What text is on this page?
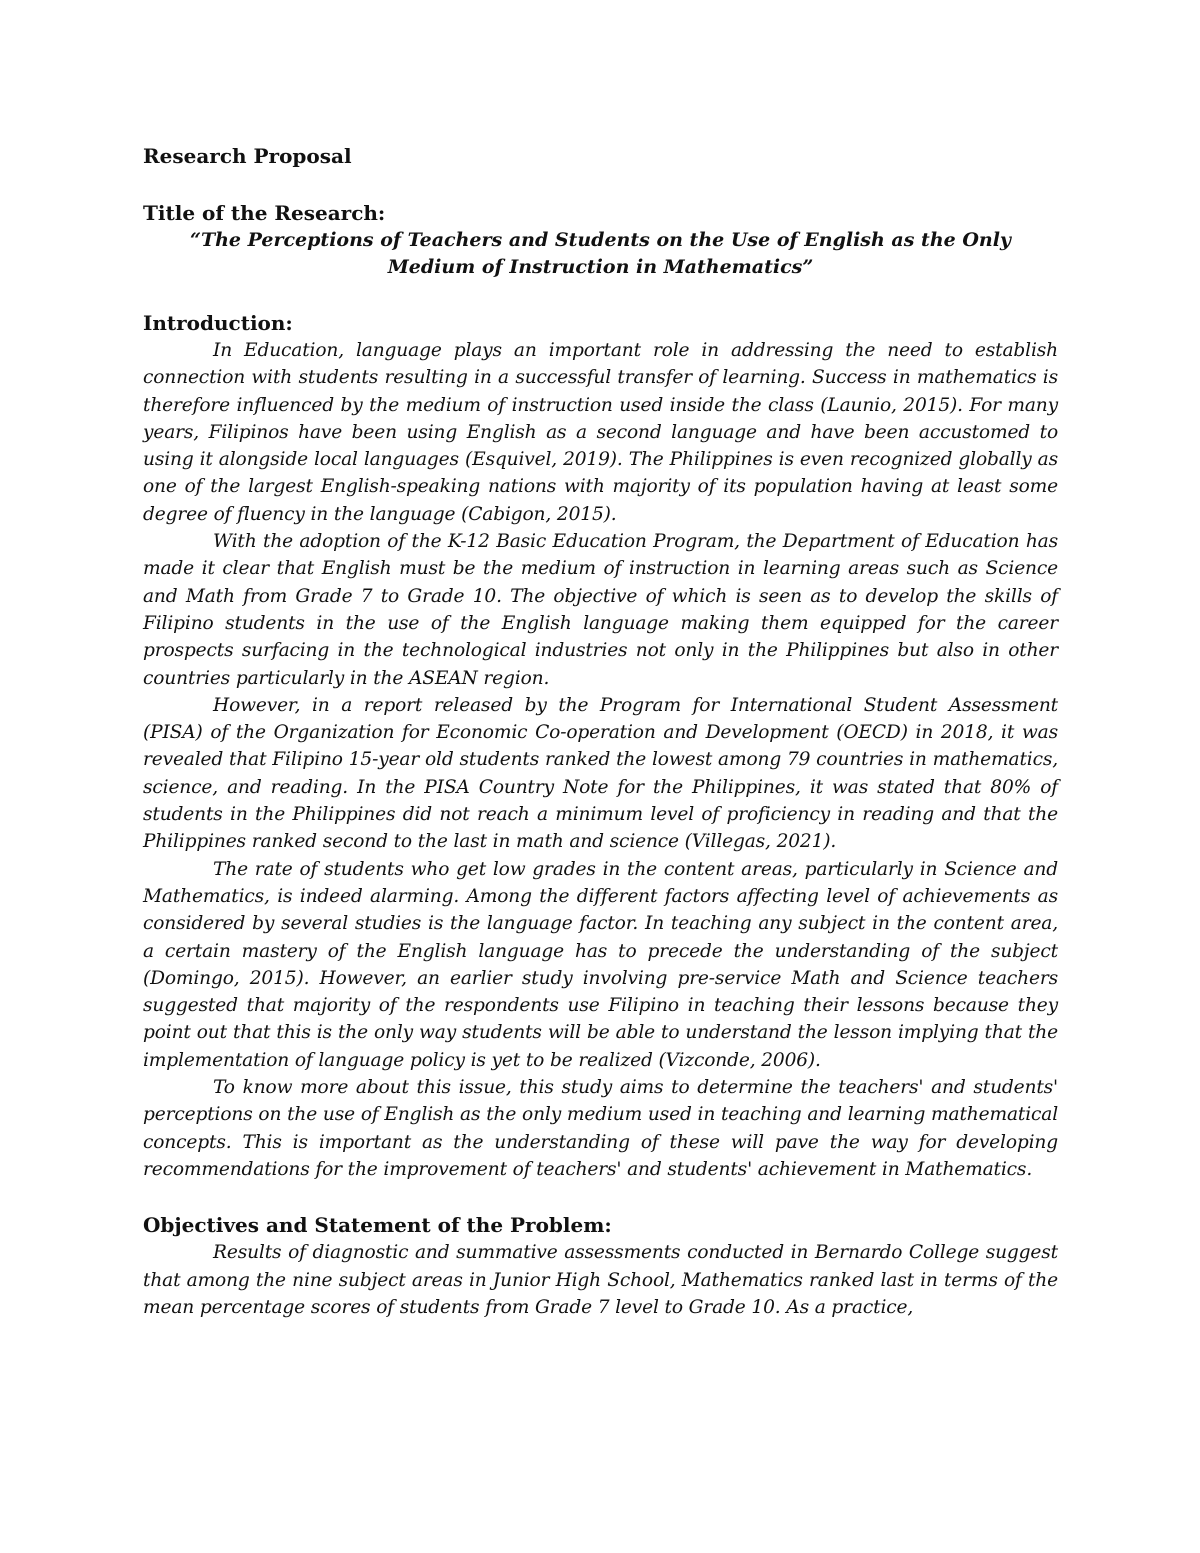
Research Proposal

Title of the Research:

“The Perceptions of Teachers and Students on the Use of English as the Only
Medium of Instruction in Mathematics”

Introduction:

In Education, language plays an important role in addressing the need to establish connection with students resulting in a successful transfer of learning. Success in mathematics is therefore influenced by the medium of instruction used inside the class (Launio, 2015). For many years, Filipinos have been using English as a second language and have been accustomed to using it alongside local languages (Esquivel, 2019). The Philippines is even recognized globally as one of the largest English-speaking nations with majority of its population having at least some degree of fluency in the language (Cabigon, 2015).

With the adoption of the K-12 Basic Education Program, the Department of Education has made it clear that English must be the medium of instruction in learning areas such as Science and Math from Grade 7 to Grade 10. The objective of which is seen as to develop the skills of Filipino students in the use of the English language making them equipped for the career prospects surfacing in the technological industries not only in the Philippines but also in other countries particularly in the ASEAN region.

However, in a report released by the Program for International Student Assessment (PISA) of the Organization for Economic Co-operation and Development (OECD) in 2018, it was revealed that Filipino 15-year old students ranked the lowest among 79 countries in mathematics, science, and reading. In the PISA Country Note for the Philippines, it was stated that 80% of students in the Philippines did not reach a minimum level of proficiency in reading and that the Philippines ranked second to the last in math and science (Villegas, 2021).

The rate of students who get low grades in the content areas, particularly in Science and Mathematics, is indeed alarming. Among the different factors affecting level of achievements as considered by several studies is the language factor. In teaching any subject in the content area, a certain mastery of the English language has to precede the understanding of the subject (Domingo, 2015). However, an earlier study involving pre-service Math and Science teachers suggested that majority of the respondents use Filipino in teaching their lessons because they point out that this is the only way students will be able to understand the lesson implying that the implementation of language policy is yet to be realized (Vizconde, 2006).

To know more about this issue, this study aims to determine the teachers' and students' perceptions on the use of English as the only medium used in teaching and learning mathematical concepts. This is important as the understanding of these will pave the way for developing recommendations for the improvement of teachers' and students' achievement in Mathematics.

Objectives and Statement of the Problem:

Results of diagnostic and summative assessments conducted in Bernardo College suggest that among the nine subject areas in Junior High School, Mathematics ranked last in terms of the mean percentage scores of students from Grade 7 level to Grade 10. As a practice,
